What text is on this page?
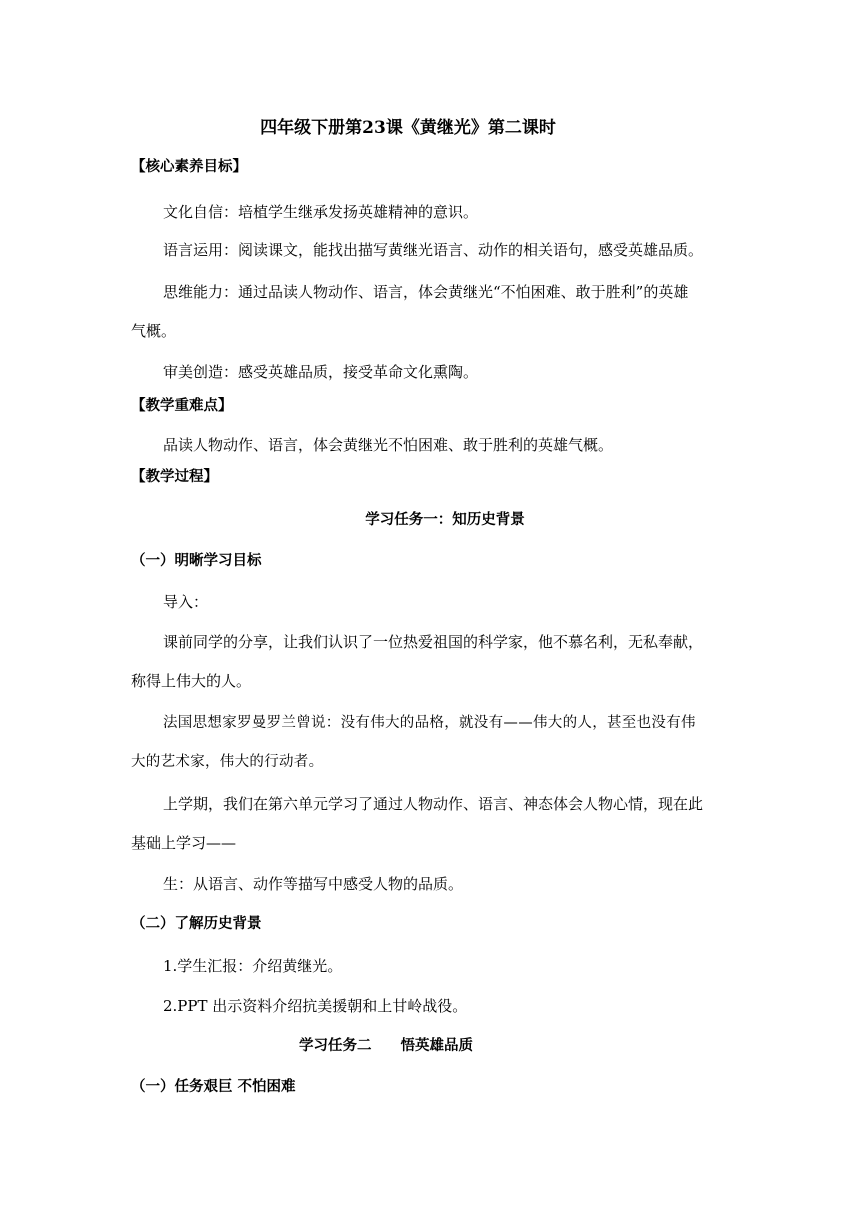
四年级下册第23课《黄继光》第二课时
【核心素养目标】
文化自信：培植学生继承发扬英雄精神的意识。
语言运用：阅读课文，能找出描写黄继光语言、动作的相关语句，感受英雄品质。
思维能力：通过品读人物动作、语言，体会黄继光“不怕困难、敢于胜利”的英雄
气概。
审美创造：感受英雄品质，接受革命文化熏陶。
【教学重难点】
品读人物动作、语言，体会黄继光不怕困难、敢于胜利的英雄气概。
【教学过程】
学习任务一：知历史背景
（一）明晰学习目标
导入：
课前同学的分享，让我们认识了一位热爱祖国的科学家，他不慕名利，无私奉献，
称得上伟大的人。
法国思想家罗曼罗兰曾说：没有伟大的品格，就没有——伟大的人，甚至也没有伟
大的艺术家，伟大的行动者。
上学期，我们在第六单元学习了通过人物动作、语言、神态体会人物心情，现在此
基础上学习——
生：从语言、动作等描写中感受人物的品质。
（二）了解历史背景
1.学生汇报：介绍黄继光。
2.PPT 出示资料介绍抗美援朝和上甘岭战役。
学习任务二　　悟英雄品质
（一）任务艰巨 不怕困难
